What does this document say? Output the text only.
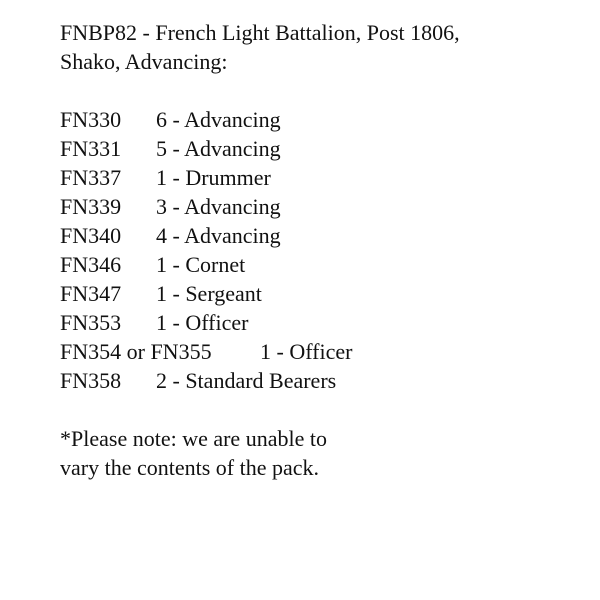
FNBP82 - French Light Battalion, Post 1806,
Shako, Advancing:
FN330	6 - Advancing
FN331	5 - Advancing
FN337	1 - Drummer
FN339	3 - Advancing
FN340	4 - Advancing
FN346	1 - Cornet
FN347	1 - Sergeant
FN353	1 - Officer
FN354 or FN355	1 - Officer
FN358	2 - Standard Bearers
*Please note: we are unable to
vary the contents of the pack.
